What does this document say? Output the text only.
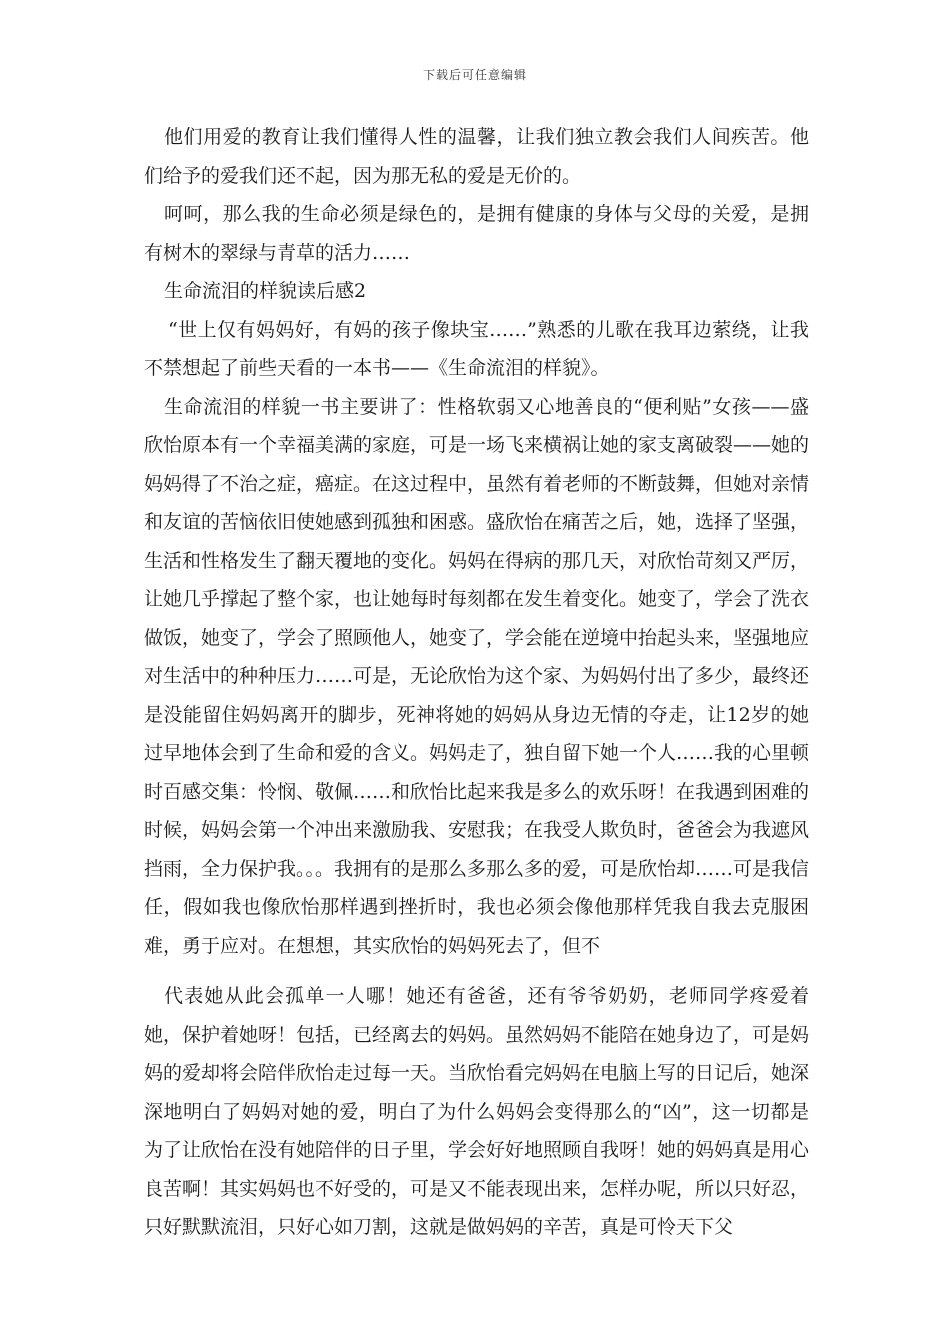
下载后可任意编辑

他们用爱的教育让我们懂得人性的温馨，让我们独立教会我们人间疾苦。他们给予的爱我们还不起，因为那无私的爱是无价的。

呵呵，那么我的生命必须是绿色的，是拥有健康的身体与父母的关爱，是拥有树木的翠绿与青草的活力……

生命流泪的样貌读后感2

“世上仅有妈妈好，有妈的孩子像块宝……”熟悉的儿歌在我耳边萦绕，让我不禁想起了前些天看的一本书——《生命流泪的样貌》。

生命流泪的样貌一书主要讲了：性格软弱又心地善良的“便利贴”女孩——盛欣怡原本有一个幸福美满的家庭，可是一场飞来横祸让她的家支离破裂——她的妈妈得了不治之症，癌症。在这过程中，虽然有着老师的不断鼓舞，但她对亲情和友谊的苦恼依旧使她感到孤独和困惑。盛欣怡在痛苦之后，她，选择了坚强，生活和性格发生了翻天覆地的变化。妈妈在得病的那几天，对欣怡苛刻又严厉，让她几乎撑起了整个家，也让她每时每刻都在发生着变化。她变了，学会了洗衣做饭，她变了，学会了照顾他人，她变了，学会能在逆境中抬起头来，坚强地应对生活中的种种压力……可是，无论欣怡为这个家、为妈妈付出了多少，最终还是没能留住妈妈离开的脚步，死神将她的妈妈从身边无情的夺走，让12岁的她过早地体会到了生命和爱的含义。妈妈走了，独自留下她一个人……我的心里顿时百感交集：怜悯、敬佩……和欣怡比起来我是多么的欢乐呀！在我遇到困难的时候，妈妈会第一个冲出来激励我、安慰我；在我受人欺负时，爸爸会为我遮风挡雨，全力保护我。。。我拥有的是那么多那么多的爱，可是欣怡却……可是我信任，假如我也像欣怡那样遇到挫折时，我也必须会像他那样凭我自我去克服困难，勇于应对。在想想，其实欣怡的妈妈死去了，但不

代表她从此会孤单一人哪！她还有爸爸，还有爷爷奶奶，老师同学疼爱着她，保护着她呀！包括，已经离去的妈妈。虽然妈妈不能陪在她身边了，可是妈妈的爱却将会陪伴欣怡走过每一天。当欣怡看完妈妈在电脑上写的日记后，她深深地明白了妈妈对她的爱，明白了为什么妈妈会变得那么的“凶”，这一切都是为了让欣怡在没有她陪伴的日子里，学会好好地照顾自我呀！她的妈妈真是用心良苦啊！其实妈妈也不好受的，可是又不能表现出来，怎样办呢，所以只好忍，只好默默流泪，只好心如刀割，这就是做妈妈的辛苦，真是可怜天下父
